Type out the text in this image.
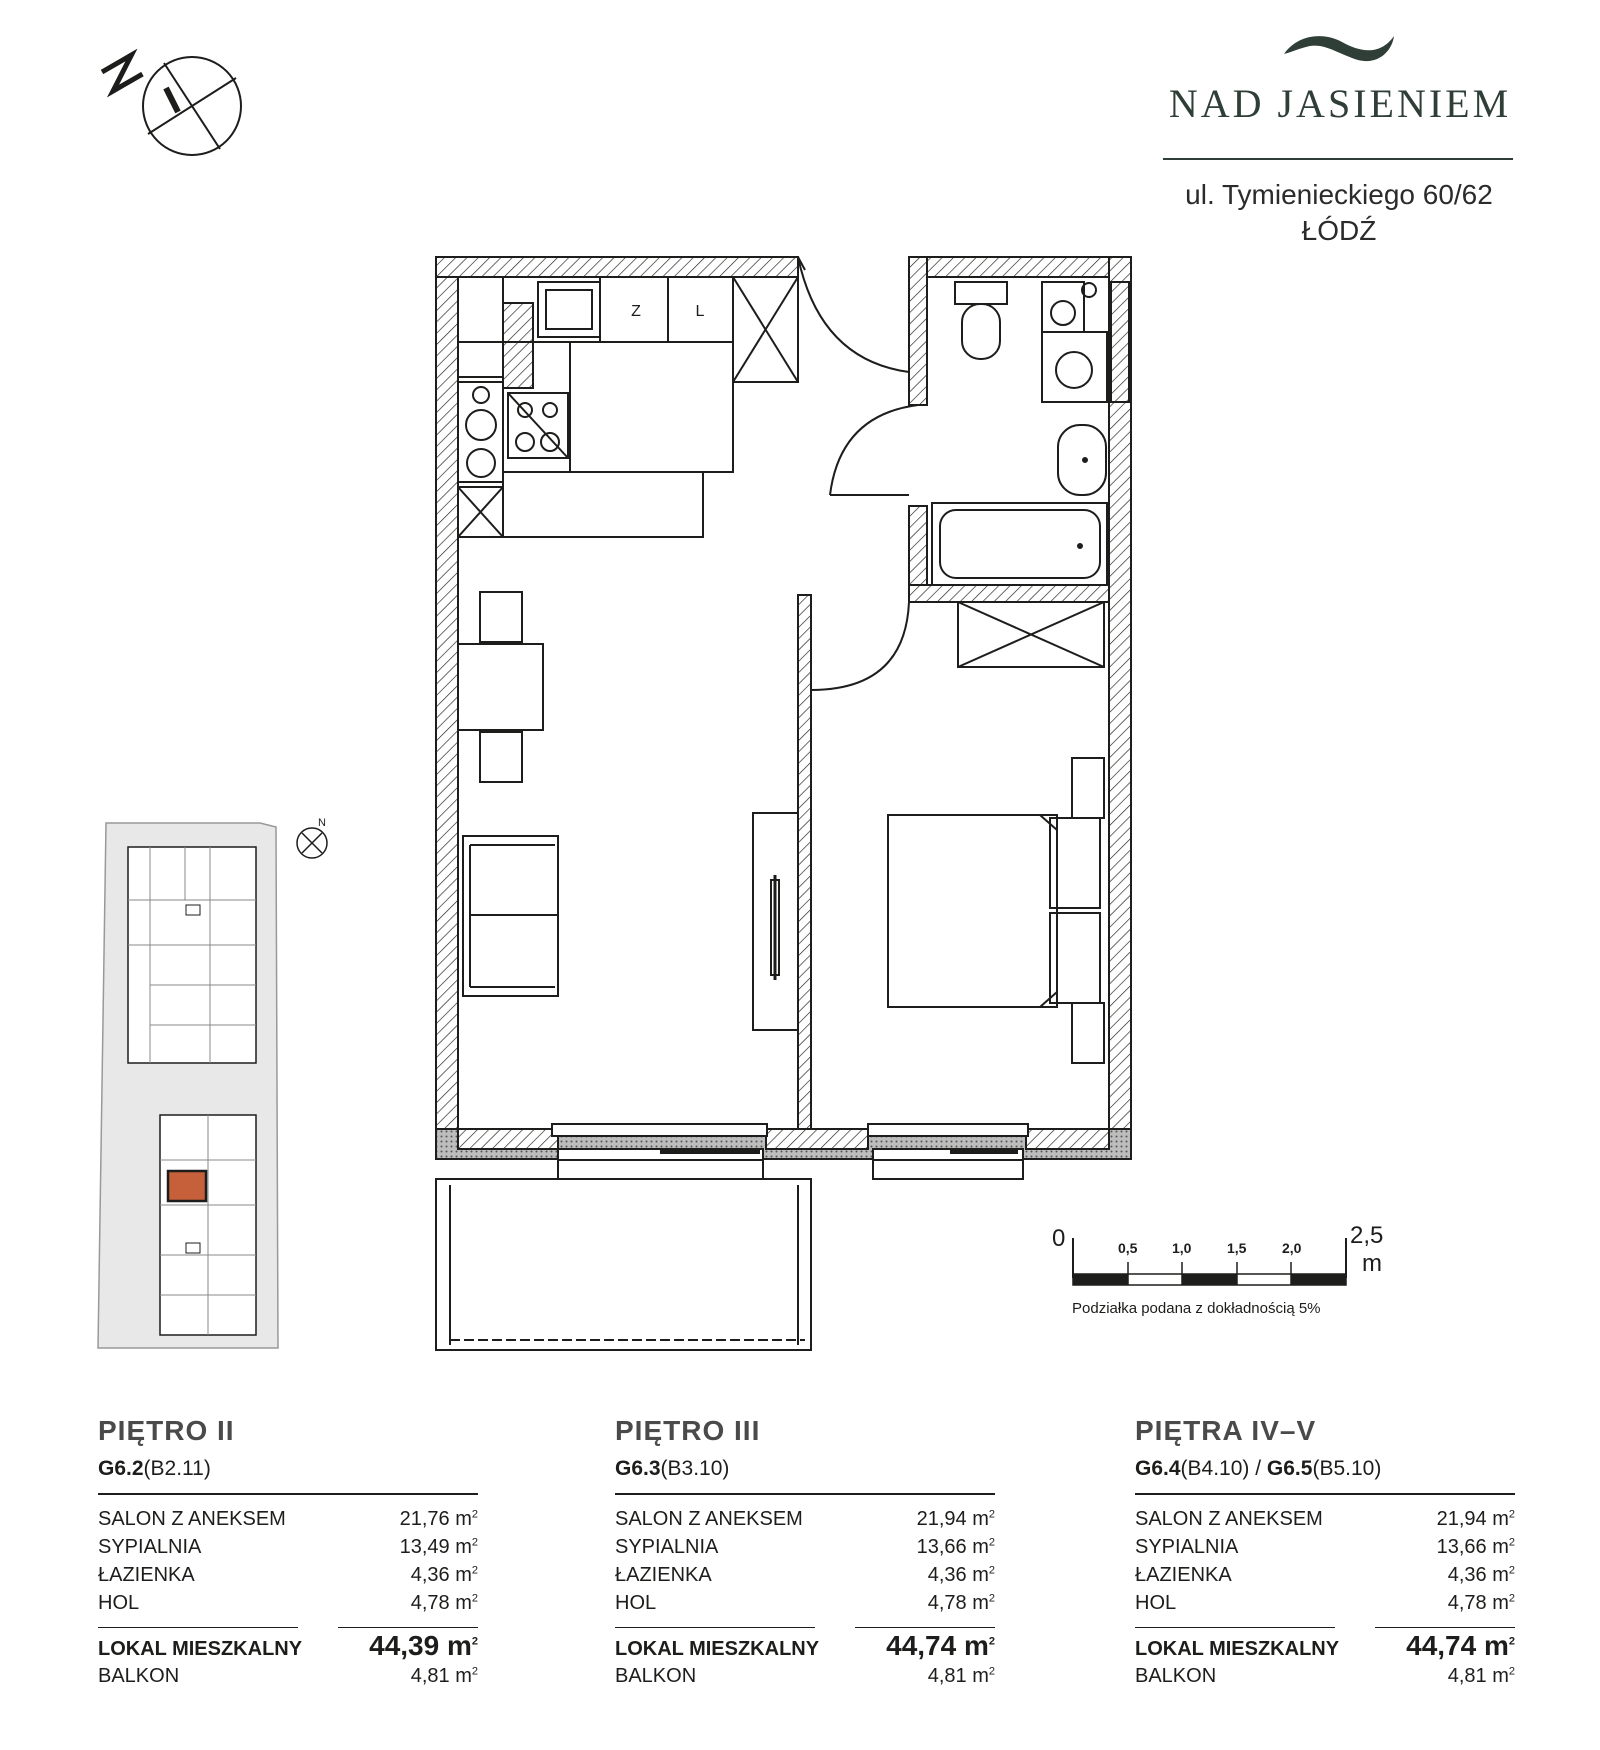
NAD JASIENIEM
ul. Tymienieckiego 60/62
ŁÓDŹ
Z	L
N
0	0,5 1,0	1,5	2,0 2,5
m
Podziałka podana z dokładnością 5%
PIĘTRO II
G6.2(B2.11)
SALON Z ANEKSEM	21,76 $m^2$
SYPIALNIA	13,49 $m^2$
ŁAZIENKA	4,36 $m^2$
HOL	4,78 $m^2$
LOKAL MIESZKALNY 44,39 $m^2$
BALKON	4,81 $m^2$
PIĘTRO III
G6.3(B3.10)
SALON Z ANEKSEM	21,94 $m^2$
SYPIALNIA	13,66 $m^2$
ŁAZIENKA	4,36 $m^2$
HOL	4,78 $m^2$
LOKAL MIESZKALNY 44,74 $m^2$
BALKON	4,81 $m^2$
PIĘTRA IV–V
G6.4(B4.10) / G6.5(B5.10)
SALON Z ANEKSEM	21,94 $m^2$
SYPIALNIA	13,66 $m^2$
ŁAZIENKA	4,36 $m^2$
HOL	4,78 $m^2$
LOKAL MIESZKALNY 44,74 $m^2$
BALKON	4,81 $m^2$
